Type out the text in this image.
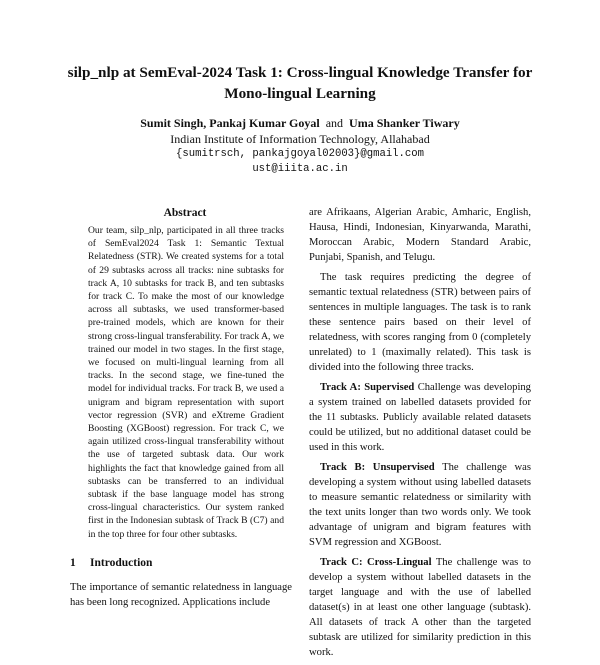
silp_nlp at SemEval-2024 Task 1: Cross-lingual Knowledge Transfer for
Mono-lingual Learning
Sumit Singh, Pankaj Kumar Goyal and Uma Shanker Tiwary
Indian Institute of Information Technology, Allahabad
{sumitrsch, pankajgoyal02003}@gmail.com
ust@iiita.ac.in
Abstract

Our team, silp_nlp, participated in all three tracks of SemEval2024 Task 1: Semantic Textual Relatedness (STR). We created systems for a total of 29 subtasks across all tracks: nine subtasks for track A, 10 subtasks for track B, and ten subtasks for track C. To make the most of our knowledge across all subtasks, we used transformer-based pre-trained models, which are known for their strong cross-lingual transferability. For track A, we trained our model in two stages. In the first stage, we focused on multi-lingual learning from all tracks. In the second stage, we fine-tuned the model for individual tracks. For track B, we used a unigram and bigram representation with suport vector regression (SVR) and eXtreme Gradient Boosting (XGBoost) regression. For track C, we again utilized cross-lingual transferability without the use of targeted subtask data. Our work highlights the fact that knowledge gained from all subtasks can be transferred to an individual subtask if the base language model has strong cross-lingual characteristics. Our system ranked first in the Indonesian subtask of Track B (C7) and in the top three for four other subtasks.

1 Introduction

The importance of semantic relatedness in language has been long recognized. Applications include

are Afrikaans, Algerian Arabic, Amharic, English, Hausa, Hindi, Indonesian, Kinyarwanda, Marathi, Moroccan Arabic, Modern Standard Arabic, Punjabi, Spanish, and Telugu.

The task requires predicting the degree of semantic textual relatedness (STR) between pairs of sentences in multiple languages. The task is to rank these sentence pairs based on their level of relatedness, with scores ranging from 0 (completely unrelated) to 1 (maximally related). This task is divided into the following three tracks.

Track A: Supervised Challenge was developing a system trained on labelled datasets provided for the 11 subtasks. Publicly available related datasets could be utilized, but no additional dataset could be used in this work.

Track B: Unsupervised The challenge was developing a system without using labelled datasets to measure semantic relatedness or similarity with the text units longer than two words only. We took advantage of unigram and bigram features with SVM regression and XGBoost.

Track C: Cross-Lingual The challenge was to develop a system without labelled datasets in the target language and with the use of labelled dataset(s) in at least one other language (subtask). All datasets of track A other than the targeted subtask are utilized for similarity prediction in this work.
